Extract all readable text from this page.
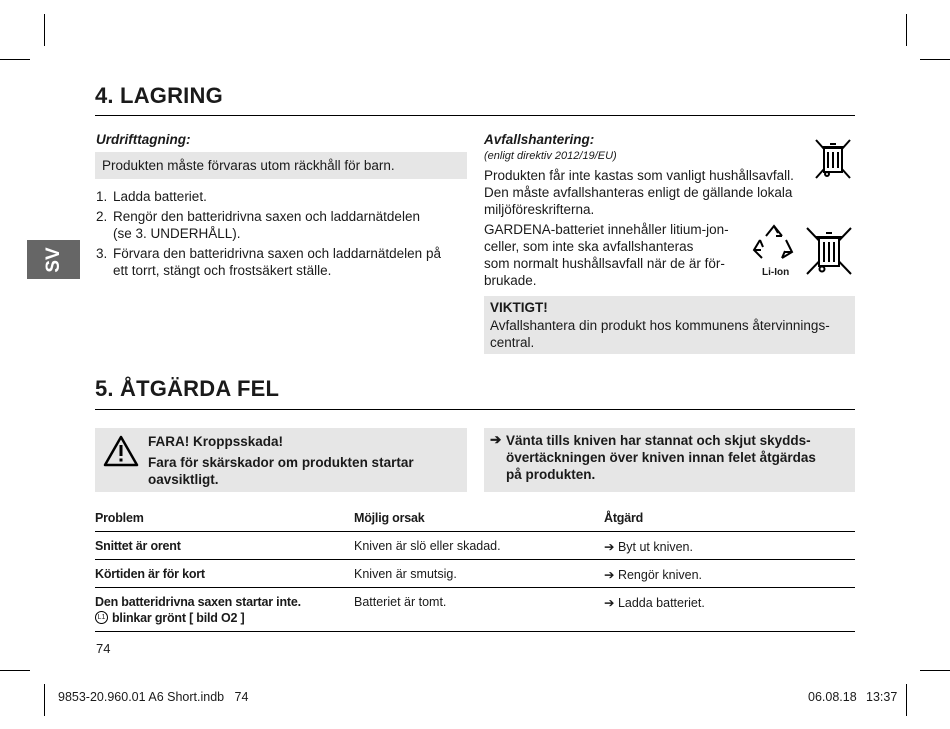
SV
4. LAGRING
Urdrifttagning:
Produkten måste förvaras utom räckhåll för barn.
1. Ladda batteriet.
2. Rengör den batteridrivna saxen och laddarnätdelen
(se 3. UNDERHÅLL).
3. Förvara den batteridrivna saxen och laddarnätdelen på
ett torrt, stängt och frostsäkert ställe.
Avfallshantering:
(enligt direktiv 2012/19/EU)
Produkten får inte kastas som vanligt hushållsavfall.
Den måste avfallshanteras enligt de gällande lokala
miljöföreskrifterna.
GARDENA-batteriet innehåller litium-jon-
celler, som inte ska avfallshanteras
som normalt hushållsavfall när de är för-
brukade.
Li-Ion
VIKTIGT!
Avfallshantera din produkt hos kommunens återvinnings-
central.
5. ÅTGÄRDA FEL
FARA! Kroppsskada!
Fara för skärskador om produkten startar
oavsiktligt.
➔ Vänta tills kniven har stannat och skjut skydds-
övertäckningen över kniven innan felet åtgärdas
på produkten.
Problem	Möjlig orsak	Åtgärd
Snittet är orent	Kniven är slö eller skadad.	➔ Byt ut kniven.
Körtiden är för kort	Kniven är smutsig.	➔ Rengör kniven.
Den batteridrivna saxen startar inte.
L1 blinkar grönt [ bild O2 ]
Batteriet är tomt.	➔ Ladda batteriet.
74
9853-20.960.01 A6 Short.indb   74	06.08.18 13:37
